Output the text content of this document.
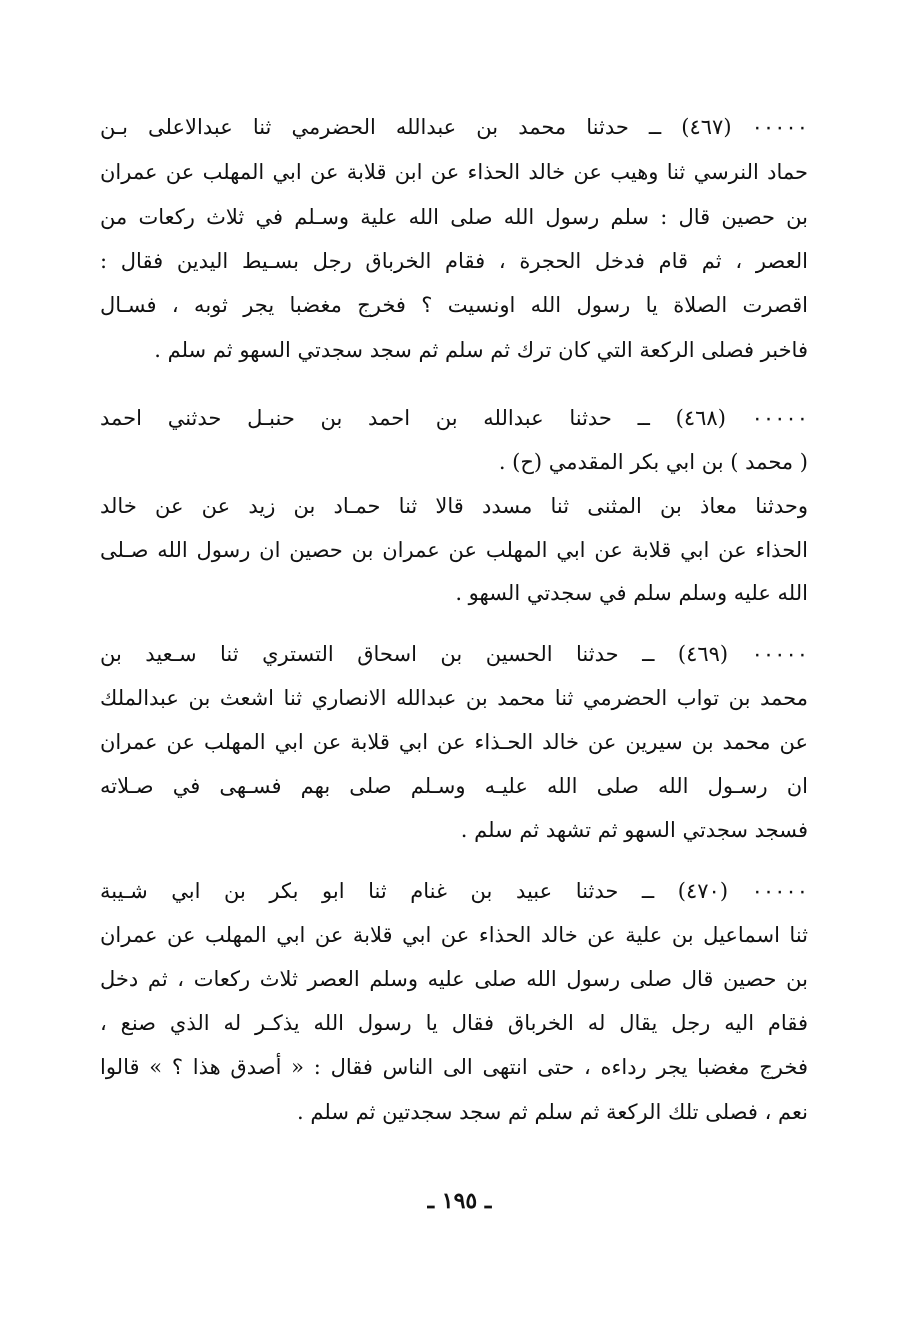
٠٠٠٠٠ (٤٦٧) ــ حدثنا محمد بن عبدالله الحضرمي ثنا عبدالاعلى بـن
حماد النرسي ثنا وهيب عن خالد الحذاء عن ابن قلابة عن ابي المهلب عن عمران
بن حصين قال : سلم رسول الله صلى الله علية وسـلم في ثلاث ركعات من
العصر ، ثم قام فدخل الحجرة ، فقام الخرباق رجل بسـيط اليدين فقال :
اقصرت الصلاة يا رسول الله اونسيت ؟ فخرج مغضبا يجر ثوبه ، فسـال
فاخبر فصلى الركعة التي كان ترك ثم سلم ثم سجد سجدتي السهو ثم سلم .
٠٠٠٠٠ (٤٦٨) ــ حدثنا عبدالله بن احمد بن حنبـل حدثني احمد
( محمد ) بن ابي بكر المقدمي (ح) .
وحدثنا معاذ بن المثنى ثنا مسدد قالا ثنا حمـاد بن زيد عن عن خالد
الحذاء عن ابي قلابة عن ابي المهلب عن عمران بن حصين ان رسول الله صـلى
الله عليه وسلم سلم في سجدتي السهو .
٠٠٠٠٠ (٤٦٩) ــ حدثنا الحسين بن اسحاق التستري ثنا سـعيد بن
محمد بن تواب الحضرمي ثنا محمد بن عبدالله الانصاري ثنا اشعث بن عبدالملك
عن محمد بن سيرين عن خالد الحـذاء عن ابي قلابة عن ابي المهلب عن عمران
ان رسـول الله صلى الله عليـه وسـلم صلى بهم فسـهى في صـلاته
فسجد سجدتي السهو ثم تشهد ثم سلم .
٠٠٠٠٠ (٤٧٠) ــ حدثنا عبيد بن غنام ثنا ابو بكر بن ابي شـيبة
ثنا اسماعيل بن علية عن خالد الحذاء عن ابي قلابة عن ابي المهلب عن عمران
بن حصين قال صلى رسول الله صلى عليه وسلم العصر ثلاث ركعات ، ثم دخل
فقام اليه رجل يقال له الخرباق فقال يا رسول الله يذكـر له الذي صنع ،
فخرج مغضبا يجر رداءه ، حتى انتهى الى الناس فقال : « أصدق هذا ؟ » قالوا
نعم ، فصلى تلك الركعة ثم سلم ثم سجد سجدتين ثم سلم .
ـ ١٩٥ ـ
